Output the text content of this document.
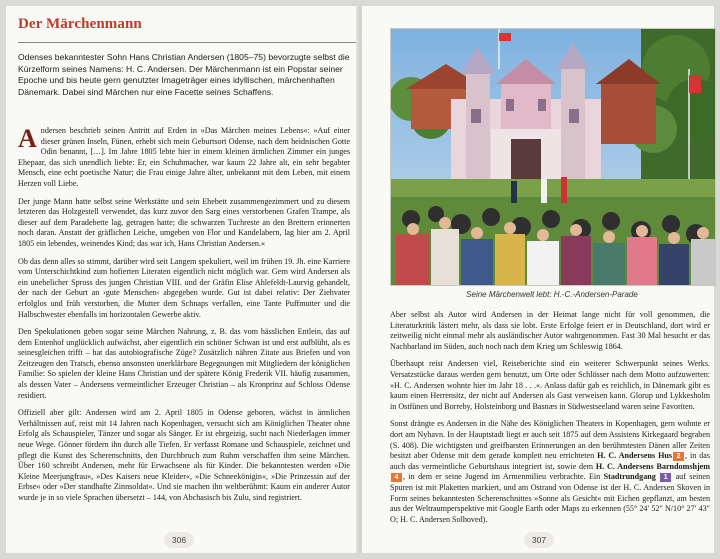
Der Märchenmann

Odenses bekanntester Sohn Hans Christian Andersen (1805–75) bevorzugte selbst die Kürzelform seines Namens: H. C. Andersen. Der Märchenmann ist ein Popstar seiner Epoche und bis heute gern genutzter Imageträger eines idyllischen, märchenhaften Dänemark. Dabei sind Märchen nur eine Facette seines Schaffens.

Andersen beschrieb seinen Antritt auf Erden in »Das Märchen meines Lebens«: »Auf einer dieser grünen Inseln, Fünen, erhebt sich mein Geburtsort Odense, nach dem heidnischen Gotte Odin benannt, […]. Im Jahre 1805 lebte hier in einem kleinen ärmlichen Zimmer ein junges Ehepaar, das sich unendlich liebte: Er, ein Schuhmacher, war kaum 22 Jahre alt, ein sehr begabter Mensch, eine echt poetische Natur; die Frau einige Jahre älter, unbekannt mit dem Leben, mit einem Herzen voll Liebe.

Der junge Mann hatte selbst seine Werkstätte und sein Ehebett zusammengezimmert und zu diesem letzteren das Holzgestell verwendet, das kurz zuvor den Sarg eines verstorbenen Grafen Trampe, als dieser auf dem Paradebette lag, getragen hatte; die schwarzen Tuchreste an den Brettern erinnerten noch daran. Anstatt der gräflichen Leiche, umgeben von Flor und Kandelabern, lag hier am 2. April 1805 ein lebendes, weinendes Kind; das war ich, Hans Christian Andersen.«

Ob das denn alles so stimmt, darüber wird seit Langem spekuliert, weil im frühen 19. Jh. eine Karriere vom Unterschichtkind zum hofierten Literaten eigentlich nicht möglich war. Gern wird Andersen als ein unehelicher Spross des jungen Christian VIII. und der Gräfin Elise Ahlefeldt-Laurvig gehandelt, der nach der Geburt an ›gute Menschen‹ abgegeben wurde. Gut ist dabei relativ: Der Ziehvater erfolglos und früh verstorben, die Mutter dem Schnaps verfallen, eine Tante Puffmutter und die Halbschwester ebenfalls im horizontalen Gewerbe aktiv.

Den Spekulationen geben sogar seine Märchen Nahrung, z. B. das vom hässlichen Entlein, das auf dem Entenhof unglücklich aufwächst, aber eigentlich ein schöner Schwan ist und erst aufblüht, als es seinesgleichen trifft – hat das autobiografische Züge? Zusätzlich nähren Zitate aus Briefen und von Zeitzeugen den Tratsch, ebenso ansonsten unerklärbare Begegnungen mit Mitgliedern der königlichen Familie: So spielen der kleine Hans Christian und der spätere König Frederik VII. häufig zusammen, als dessen Vater – Andersens vermeintlicher Erzeuger Christian – als Kronprinz auf Schloss Odense residiert.

Offiziell aber gilt: Andersen wird am 2. April 1805 in Odense geboren, wächst in ärmlichen Verhältnissen auf, reist mit 14 Jahren nach Kopenhagen, versucht sich am Königlichen Theater ohne Erfolg als Schauspieler, Tänzer und sogar als Sänger. Er ist ehrgeizig, sucht nach Niederlagen immer neue Wege. Gönner fördern ihn durch alle Tiefen. Er verfasst Romane und Schauspiele, zeichnet und pflegt die Kunst des Scherenschnitts, den Durchbruch zum Ruhm verschaffen ihm seine Märchen. Über 160 schreibt Andersen, mehr für Erwachsene als für Kinder. Die bekanntesten werden »Die Kleine Meerjungfrau«, »Des Kaisers neue Kleider«, »Die Schneekönigin«, »Die Prinzessin auf der Erbse« oder »Der standhafte Zinnsoldat«. Und sie machen ihn weltberühmt: Kaum ein anderer Autor wurde je in so viele Sprachen übersetzt – 144, von Abchasisch bis Zulu, sind registriert.

306

Seine Märchenwelt lebt: H.-C.-Andersen-Parade

Aber selbst als Autor wird Andersen in der Heimat lange nicht für voll genommen, die Literaturkritik lästert mehr, als dass sie lobt. Erste Erfolge feiert er in Deutschland, dort wird er zeitweilig nicht einmal mehr als ausländischer Autor wahrgenommen. Fast 30 Mal besucht er das Nachbarland im Süden, auch noch nach dem Krieg um Schleswig 1864.

Überhaupt reist Andersen viel, Reiseberichte sind ein weiterer Schwerpunkt seines Werks. Versatzstücke daraus werden gern benutzt, um Orte oder Schlösser nach dem Motto aufzuwerten: »H. C. Andersen wohnte hier im Jahr 18 . . .«. Anlass dafür gab es reichlich, in Dänemark gibt es kaum einen Herrensitz, der nicht auf Andersen als Gast verweisen kann. Glorup und Lykkesholm in Ostfünen und Borreby, Holsteinborg und Basnæs in Südwestseeland waren seine Favoriten.

Sonst drängte es Andersen in die Nähe des Königlichen Theaters in Kopenhagen, gern wohnte er dort am Nyhavn. In der Hauptstadt liegt er auch seit 1875 auf dem Assistens Kirkegaard begraben (S. 408). Die wichtigsten und greifbarsten Erinnerungen an den berühmtesten Dänen aller Zeiten besitzt aber Odense mit dem gerade komplett neu errichteten H. C. Andersens Hus 2 , in das auch das vermeintliche Geburtshaus integriert ist, sowie dem H. C. Andersens Barndomshjem4 , in dem er seine Jugend im Armenmilieu verbrachte. Ein Stadtrundgang 1 auf seinen Spuren ist mit Plaketten markiert, und am Ostrand von Odense ist der H. C. Andersen Skoven in Form seines bekanntesten Scherenschnittes »Sonne als Gesicht« mit Eichen gepflanzt, am besten aus der Weltraumperspektive mit Google Earth oder Maps zu erkennen (55° 24′ 52″ N/10° 27′ 43″ O; H. C. Andersen Solhoved).

307
